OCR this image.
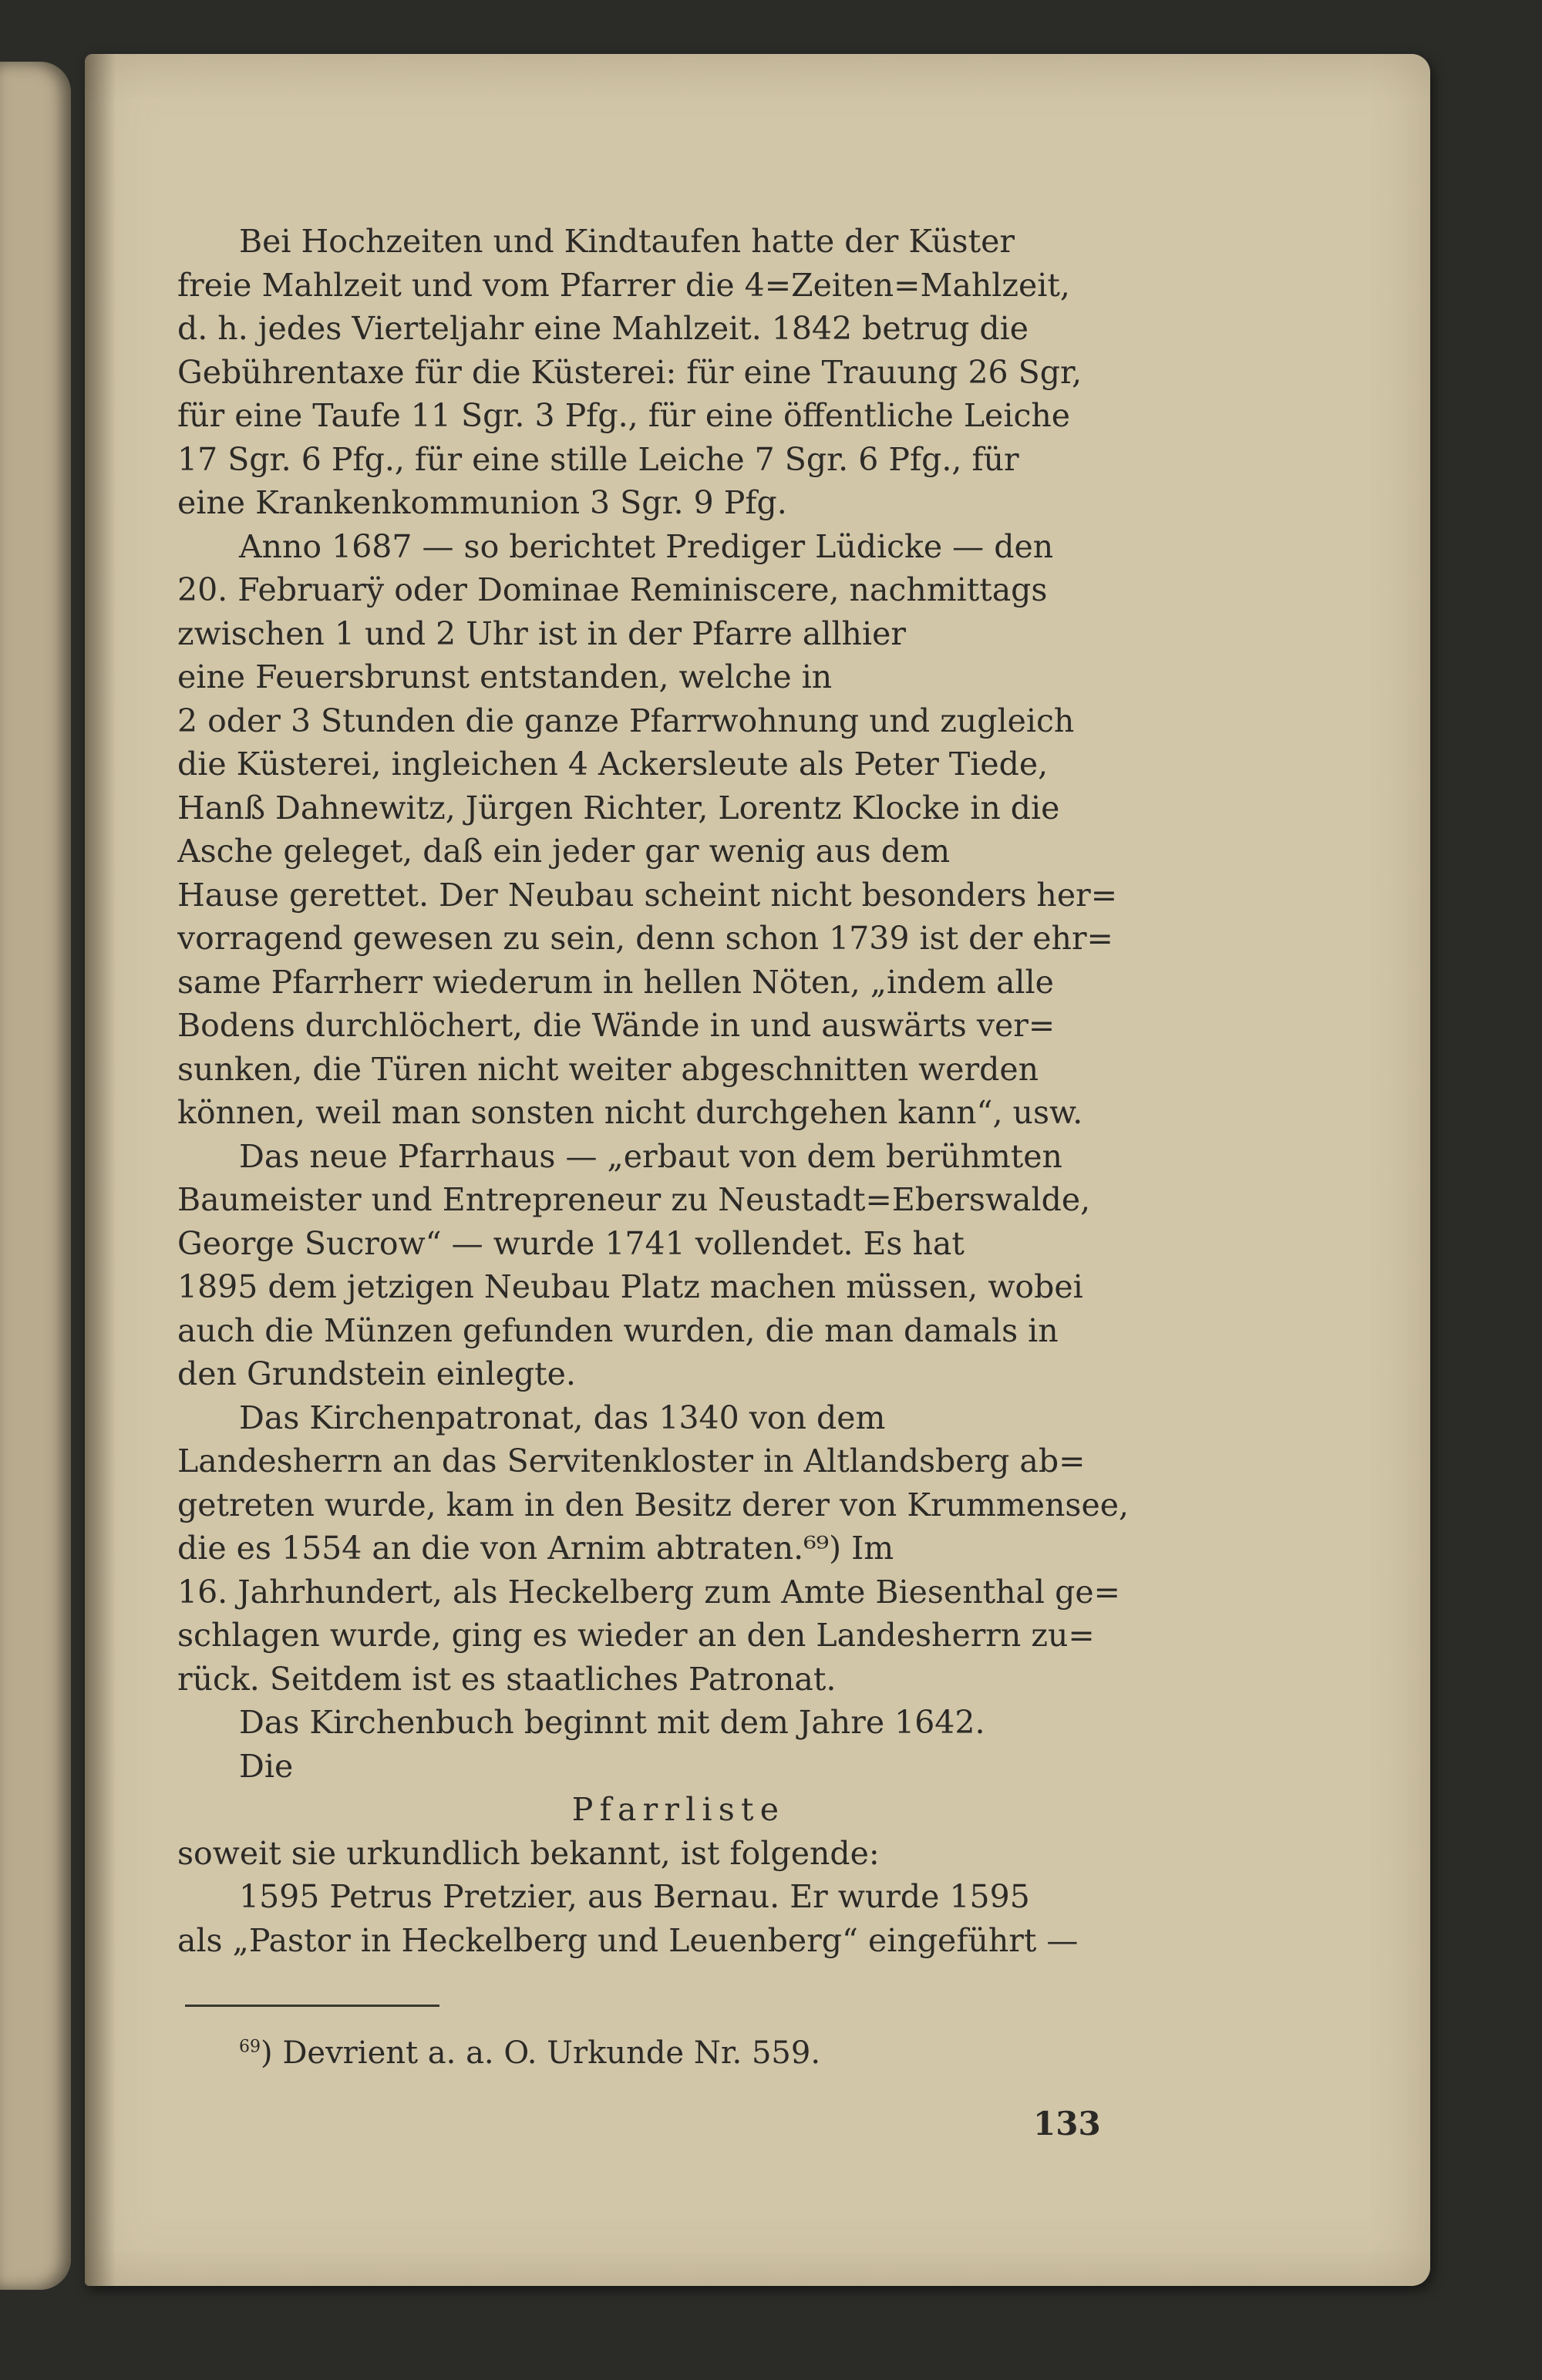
Bei Hochzeiten und Kindtaufen hatte der Küster
freie Mahlzeit und vom Pfarrer die 4=Zeiten=Mahlzeit,
d. h. jedes Vierteljahr eine Mahlzeit. 1842 betrug die
Gebührentaxe für die Küsterei: für eine Trauung 26 Sgr,
für eine Taufe 11 Sgr. 3 Pfg., für eine öffentliche Leiche
17 Sgr. 6 Pfg., für eine stille Leiche 7 Sgr. 6 Pfg., für
eine Krankenkommunion 3 Sgr. 9 Pfg.
Anno 1687 — so berichtet Prediger Lüdicke — den
20. Februarÿ oder Dominae Reminiscere, nachmittags
zwischen 1 und 2 Uhr ist in der Pfarre allhier
eine Feuersbrunst entstanden, welche in
2 oder 3 Stunden die ganze Pfarrwohnung und zugleich
die Küsterei, ingleichen 4 Ackersleute als Peter Tiede,
Hanß Dahnewitz, Jürgen Richter, Lorentz Klocke in die
Asche geleget, daß ein jeder gar wenig aus dem
Hause gerettet. Der Neubau scheint nicht besonders her=
vorragend gewesen zu sein, denn schon 1739 ist der ehr=
same Pfarrherr wiederum in hellen Nöten, „indem alle
Bodens durchlöchert, die Wände in und auswärts ver=
sunken, die Türen nicht weiter abgeschnitten werden
können, weil man sonsten nicht durchgehen kann“, usw.
Das neue Pfarrhaus — „erbaut von dem berühmten
Baumeister und Entrepreneur zu Neustadt=Eberswalde,
George Sucrow“ — wurde 1741 vollendet. Es hat
1895 dem jetzigen Neubau Platz machen müssen, wobei
auch die Münzen gefunden wurden, die man damals in
den Grundstein einlegte.
Das Kirchenpatronat, das 1340 von dem
Landesherrn an das Servitenkloster in Altlandsberg ab=
getreten wurde, kam in den Besitz derer von Krummensee,
die es 1554 an die von Arnim abtraten.⁶⁹) Im
16. Jahrhundert, als Heckelberg zum Amte Biesenthal ge=
schlagen wurde, ging es wieder an den Landesherrn zu=
rück. Seitdem ist es staatliches Patronat.
Das Kirchenbuch beginnt mit dem Jahre 1642.
Die
Pfarrliste
soweit sie urkundlich bekannt, ist folgende:
1595 Petrus Pretzier, aus Bernau. Er wurde 1595
als „Pastor in Heckelberg und Leuenberg“ eingeführt —
$^{69}$) Devrient a. a. O. Urkunde Nr. 559.
133
